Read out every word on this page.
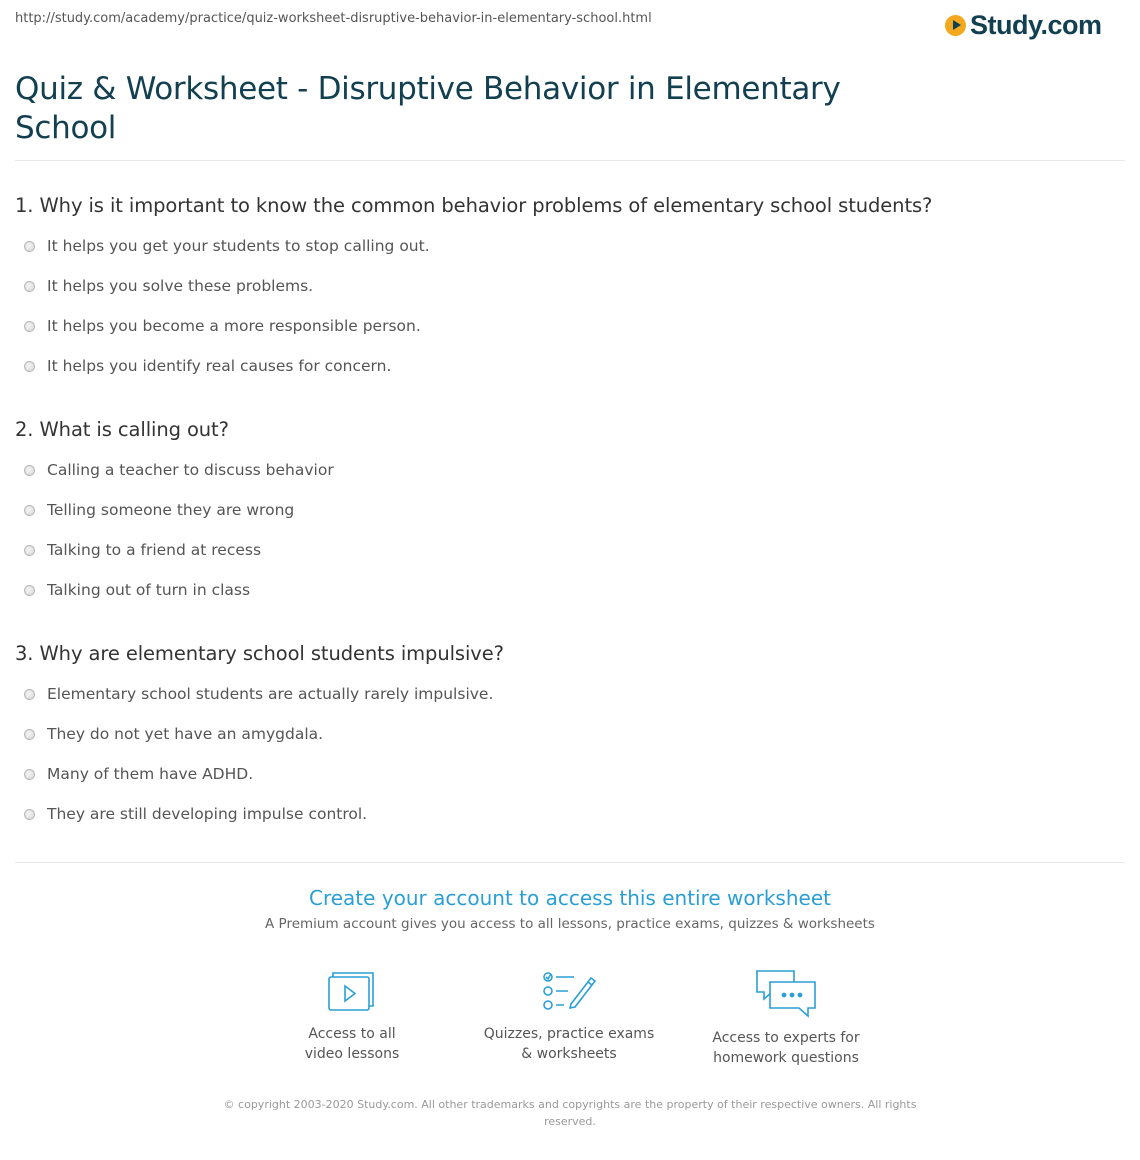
http://study.com/academy/practice/quiz-worksheet-disruptive-behavior-in-elementary-school.html	Study.com
Quiz & Worksheet - Disruptive Behavior in Elementary School
1. Why is it important to know the common behavior problems of elementary school students?
It helps you get your students to stop calling out.
It helps you solve these problems.
It helps you become a more responsible person.
It helps you identify real causes for concern.
2. What is calling out?
Calling a teacher to discuss behavior
Telling someone they are wrong
Talking to a friend at recess
Talking out of turn in class
3. Why are elementary school students impulsive?
Elementary school students are actually rarely impulsive.
They do not yet have an amygdala.
Many of them have ADHD.
They are still developing impulse control.
Create your account to access this entire worksheet
A Premium account gives you access to all lessons, practice exams, quizzes & worksheets
Access to all
video lessons
Quizzes, practice exams
& worksheets
Access to experts for
homework questions
© copyright 2003-2020 Study.com. All other trademarks and copyrights are the property of their respective owners. All rights reserved.
